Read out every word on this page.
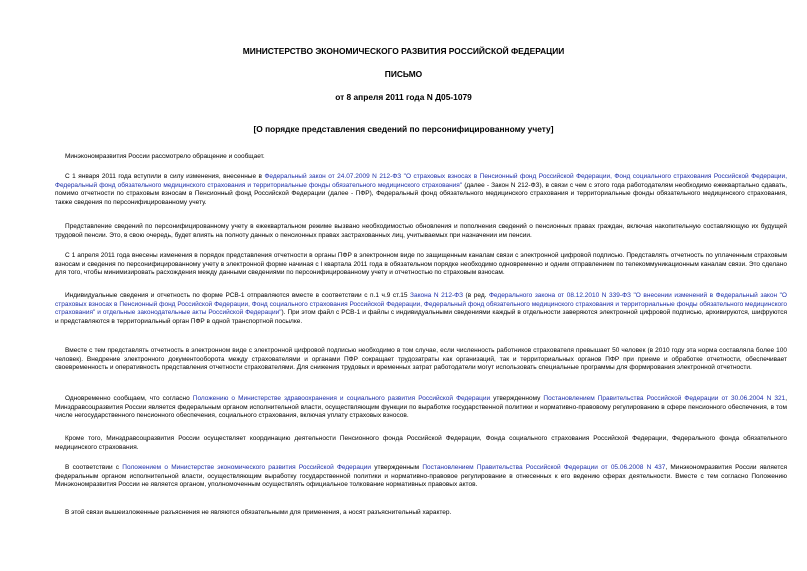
МИНИСТЕРСТВО ЭКОНОМИЧЕСКОГО РАЗВИТИЯ РОССИЙСКОЙ ФЕДЕРАЦИИ
ПИСЬМО
от 8 апреля 2011 года N Д05-1079
[О порядке представления сведений по персонифицированному учету]
Минэкономразвития России рассмотрело обращение и сообщает.
С 1 января 2011 года вступили в силу изменения, внесенные в Федеральный закон от 24.07.2009 N 212-ФЗ "О страховых взносах в Пенсионный фонд Российской Федерации, Фонд социального страхования Российской Федерации, Федеральный фонд обязательного медицинского страхования и территориальные фонды обязательного медицинского страхования" (далее - Закон N 212-ФЗ), в связи с чем с этого года работодателям необходимо ежеквартально сдавать, помимо отчетности по страховым взносам в Пенсионный фонд Российской Федерации (далее - ПФР), Федеральный фонд обязательного медицинского страхования и территориальные фонды обязательного медицинского страхования, также сведения по персонифицированному учету.
Представление сведений по персонифицированному учету в ежеквартальном режиме вызвано необходимостью обновления и пополнения сведений о пенсионных правах граждан, включая накопительную составляющую их будущей трудовой пенсии. Это, в свою очередь, будет влиять на полноту данных о пенсионных правах застрахованных лиц, учитываемых при назначении им пенсии.
С 1 апреля 2011 года внесены изменения в порядок представления отчетности в органы ПФР в электронном виде по защищенным каналам связи с электронной цифровой подписью. Представлять отчетность по уплаченным страховым взносам и сведения по персонифицированному учету в электронной форме начиная с I квартала 2011 года в обязательном порядке необходимо одновременно и одним отправлением по телекоммуникационным каналам связи. Это сделано для того, чтобы минимизировать расхождения между данными сведениями по персонифицированному учету и отчетностью по страховым взносам.
Индивидуальные сведения и отчетность по форме РСВ-1 отправляются вместе в соответствии с п.1 ч.9 ст.15 Закона N 212-ФЗ (в ред. Федерального закона от 08.12.2010 N 339-ФЗ "О внесении изменений в Федеральный закон "О страховых взносах в Пенсионный фонд Российской Федерации, Фонд социального страхования Российской Федерации, Федеральный фонд обязательного медицинского страхования и территориальные фонды обязательного медицинского страхования" и отдельные законодательные акты Российской Федерации"). При этом файл с РСВ-1 и файлы с индивидуальными сведениями каждый в отдельности заверяются электронной цифровой подписью, архивируются, шифруются и представляются в территориальный орган ПФР в одной транспортной посылке.
Вместе с тем представлять отчетность в электронном виде с электронной цифровой подписью необходимо в том случае, если численность работников страхователя превышает 50 человек (в 2010 году эта норма составляла более 100 человек). Внедрение электронного документооборота между страхователями и органами ПФР сокращает трудозатраты как организаций, так и территориальных органов ПФР при приеме и обработке отчетности, обеспечивает своевременность и оперативность представления отчетности страхователями. Для снижения трудовых и временных затрат работодатели могут использовать специальные программы для формирования электронной отчетности.
Одновременно сообщаем, что согласно Положению о Министерстве здравоохранения и социального развития Российской Федерации утвержденному Постановлением Правительства Российской Федерации от 30.06.2004 N 321, Минздравсоцразвития России является федеральным органом исполнительной власти, осуществляющим функции по выработке государственной политики и нормативно-правовому регулированию в сфере пенсионного обеспечения, в том числе негосударственного пенсионного обеспечения, социального страхования, включая уплату страховых взносов.
Кроме того, Минздравсоцразвития России осуществляет координацию деятельности Пенсионного фонда Российской Федерации, Фонда социального страхования Российской Федерации, Федерального фонда обязательного медицинского страхования.
В соответствии с Положением о Министерстве экономического развития Российской Федерации утвержденным Постановлением Правительства Российской Федерации от 05.06.2008 N 437, Минэкономразвития России является федеральным органом исполнительной власти, осуществляющим выработку государственной политики и нормативно-правовое регулирование в отнесенных к его ведению сферах деятельности. Вместе с тем согласно Положению Минэкономразвития России не является органом, уполномоченным осуществлять официальное толкование нормативных правовых актов.
В этой связи вышеизложенные разъяснения не являются обязательными для применения, а носят разъяснительный характер.
